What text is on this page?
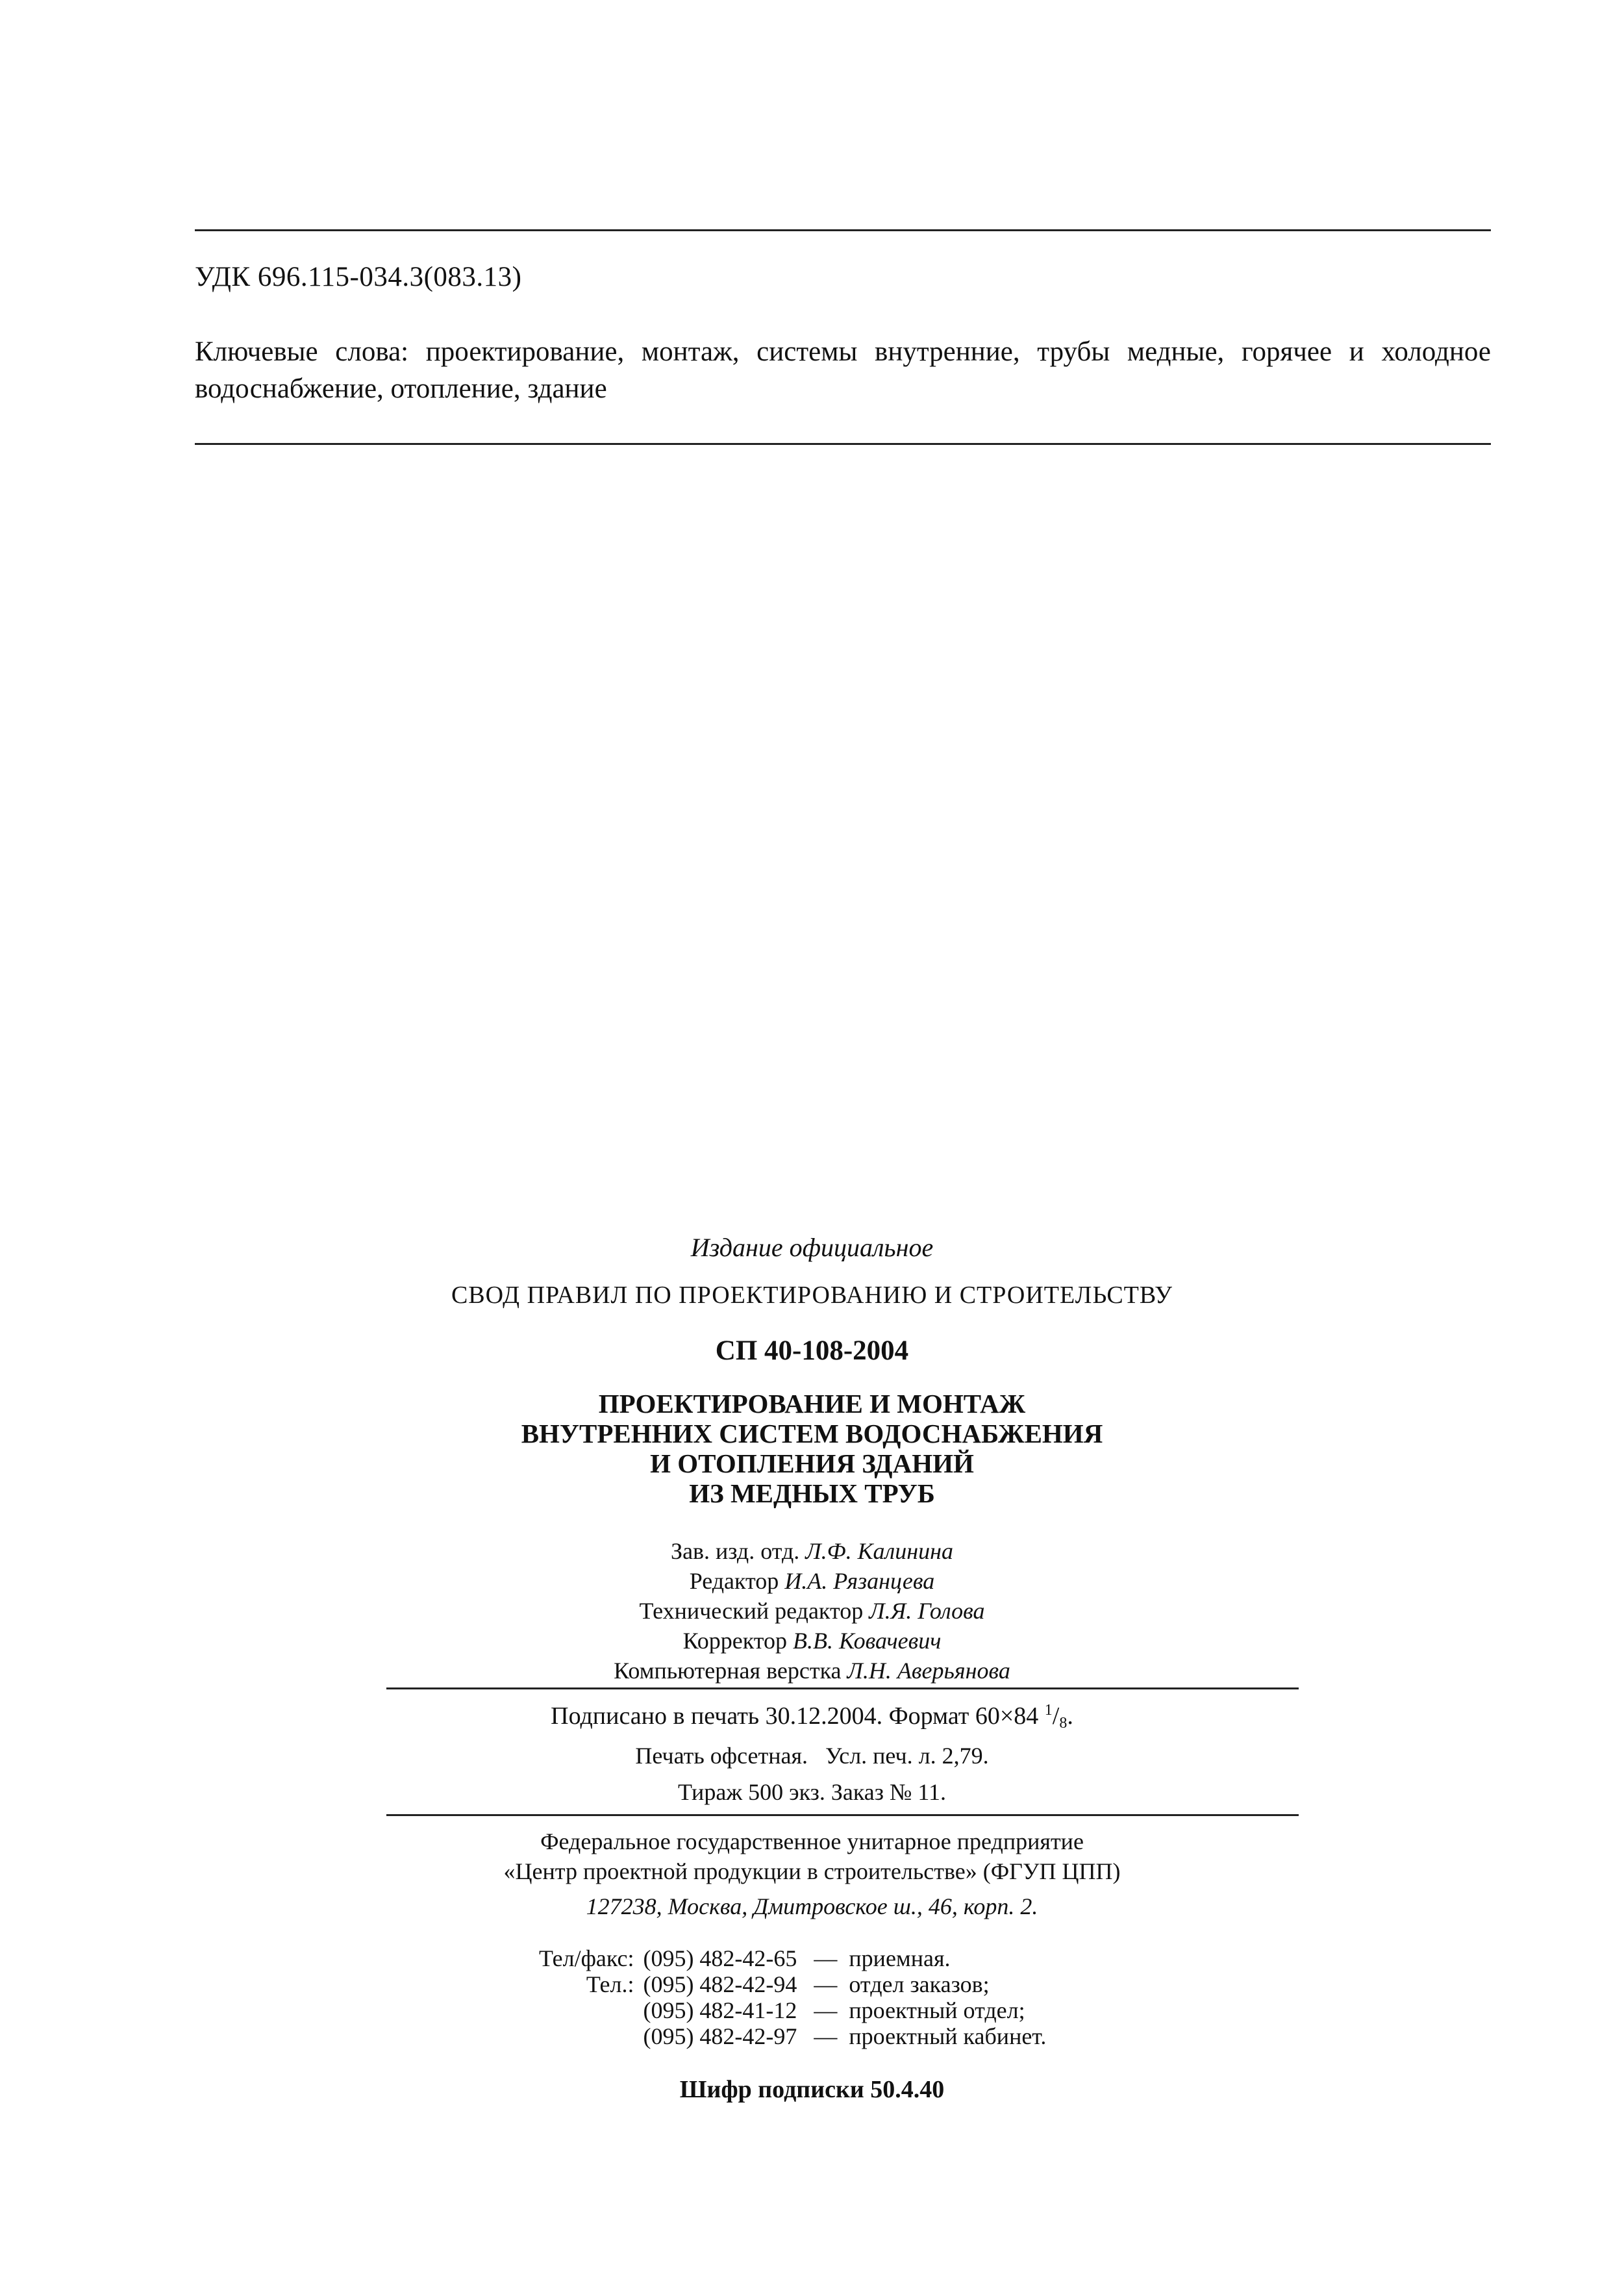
УДК 696.115-034.3(083.13)
Ключевые слова: проектирование, монтаж, системы внутренние, трубы медные, горячее и холодное водоснабжение, отопление, здание
Издание официальное
СВОД ПРАВИЛ ПО ПРОЕКТИРОВАНИЮ И СТРОИТЕЛЬСТВУ
СП 40-108-2004
ПРОЕКТИРОВАНИЕ И МОНТАЖ
ВНУТРЕННИХ СИСТЕМ ВОДОСНАБЖЕНИЯ
И ОТОПЛЕНИЯ ЗДАНИЙ
ИЗ МЕДНЫХ ТРУБ
Зав. изд. отд. Л.Ф. Калинина
Редактор И.А. Рязанцева
Технический редактор Л.Я. Голова
Корректор В.В. Ковачевич
Компьютерная верстка Л.Н. Аверьянова
Подписано в печать 30.12.2004. Формат 60×84 $^1/_8$.
Печать офсетная.   Усл. печ. л. 2,79.
Тираж 500 экз. Заказ № 11.
Федеральное государственное унитарное предприятие
«Центр проектной продукции в строительстве» (ФГУП ЦПП)
127238, Москва, Дмитровское ш., 46, корп. 2.
Тел/факс:	(095) 482-42-65	—	приемная.
Тел.:	(095) 482-42-94	—	отдел заказов;
	(095) 482-41-12	—	проектный отдел;
	(095) 482-42-97	—	проектный кабинет.
Шифр подписки 50.4.40
